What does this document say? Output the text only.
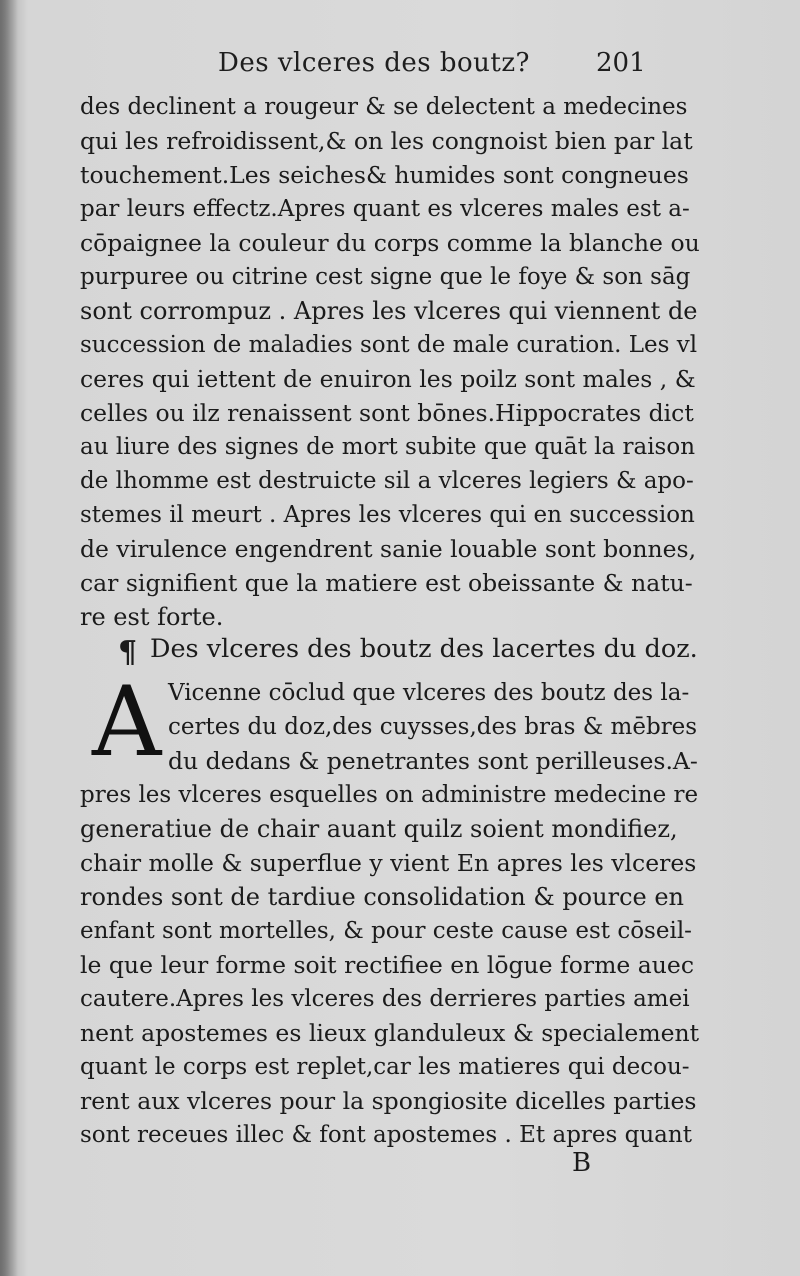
Des vlceres des boutz?	201
des declinent a rougeur & se delectent a medecines
qui les refroidissent,& on les congnoist bien par lat
touchement.Les seiches& humides sont congneues
par leurs effectz.Apres quant es vlceres males est a-
cōpaignee la couleur du corps comme la blanche ou
purpuree ou citrine cest signe que le foye & son sāg
sont corrompuz . Apres les vlceres qui viennent de
succession de maladies sont de male curation. Les vl
ceres qui iettent de enuiron les poilz sont males , &
celles ou ilz renaissent sont bōnes.Hippocrates dict
au liure des signes de mort subite que quāt la raison
de lhomme est destruicte sil a vlceres legiers & apo-
stemes il meurt . Apres les vlceres qui en succession
de virulence engendrent sanie louable sont bonnes,
car signifient que la matiere est obeissante & natu-
re est forte.
¶ Des vlceres des boutz des lacertes du doz.
A Vicenne cōclud que vlceres des boutz des la-
certes du doz,des cuysses,des bras & mēbres
du dedans & penetrantes sont perilleuses.A-
pres les vlceres esquelles on administre medecine re
generatiue de chair auant quilz soient mondifiez,
chair molle & superflue y vient En apres les vlceres
rondes sont de tardiue consolidation & pource en
enfant sont mortelles, & pour ceste cause est cōseil-
le que leur forme soit rectifiee en lōgue forme auec
cautere.Apres les vlceres des derrieres parties amei
nent apostemes es lieux glanduleux & specialement
quant le corps est replet,car les matieres qui decou-
rent aux vlceres pour la spongiosite dicelles parties
sont receues illec & font apostemes . Et apres quant
B
